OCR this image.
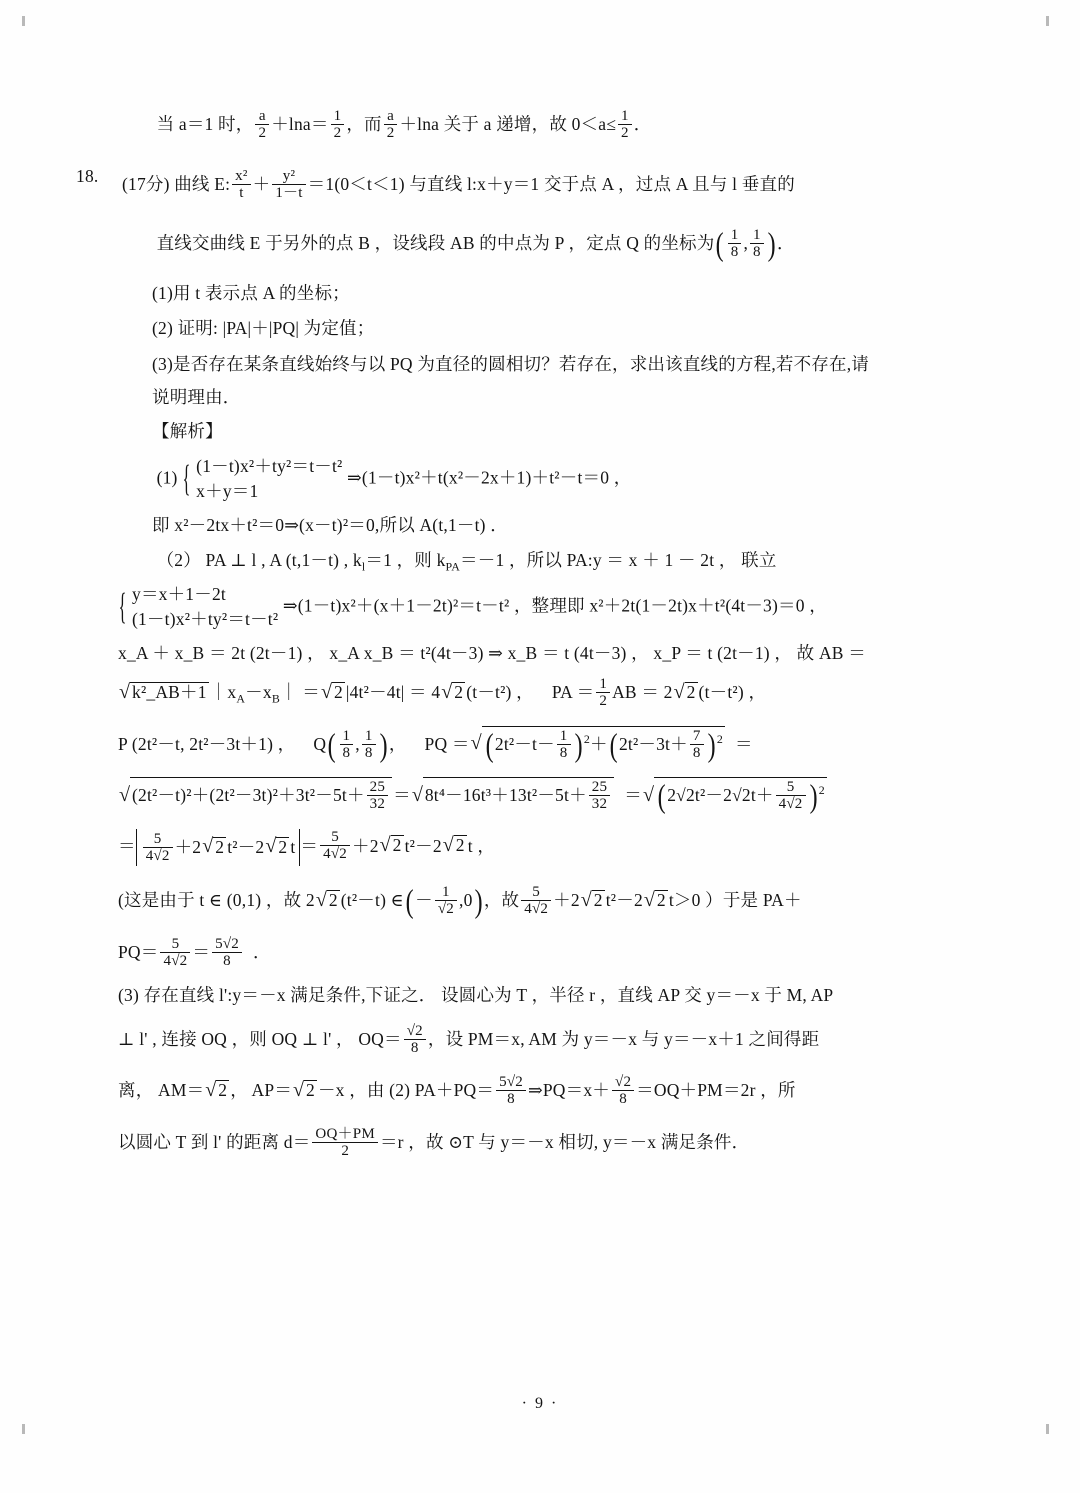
当 a＝1 时， $\frac{a}{2} +\ln a= \frac{1}{2}$ ，而 $\frac{a}{2} +\ln a$ 关于 a 递增，故 $0<a\le \frac{1}{2}$ ．
18.	(17分) 曲线 E: $\frac{\text{x²}}{t} + \frac{\text{y²}}{1-t} =1(0<t<1)$ 与直线 l:x＋y＝1 交于点 A ，过点 A 且与 l 垂直的
直线交曲线 E 于另外的点 B ，设线段 AB 的中点为 P ，定点 Q 的坐标为( $\frac{1}{8}$ , $\frac{1}{8}$ )．
(1)用 t 表示点 A 的坐标；
(2) 证明: |PA|＋|PQ| 为定值；
(3)是否存在某条直线始终与以 PQ 为直径的圆相切？若存在，求出该直线的方程,若不存在,请
说明理由．
【解析】
(1)
{ (1－t)x²＋ty²＝t－t²
x＋y＝1
⇒(1－t)x²＋t(x²－2x＋1)＋t²－t＝0 ，
即 x²－2tx＋t²＝0⇒(x－t)²＝0,所以 A(t,1－t) ．
（2） PA ⊥ l , A (t,1－t) , $k_l=1$ ，则 $k_{PA}=-1$ ，所以 PA:y ＝ x ＋ 1 － 2t ， 联立
{ y＝x＋1－2t
(1－t)x²＋ty²＝t－t²
⇒(1－t)x²＋(x＋1－2t)²＝t－t² ，整理即 x²＋2t(1－2t)x＋t²(4t－3)＝0 ，
x_A ＋ x_B ＝ 2t (2t－1) ， x_A x_B ＝ t²(4t－3) ⇒ x_B ＝ t (4t－3) ， x_P ＝ t (2t－1) ， 故 AB ＝
√ k²_AB＋1 $|x_A-x_B|$ ＝ √ 2 |4t²－4t| ＝ 4 √ 2 (t－t²) ， PA ＝ $\frac{1}{2}$ AB ＝ 2 √ 2 (t－t²) ，
P (2t²－t, 2t²－3t＋1) ， $Q( \frac{1}{8}$ , $\frac{1}{8}$ )， PQ ＝ √ ($2t^2-t- \frac{1}{8}$ ) $^2+(2t^2-3t+ \frac{7}{8}$ ) $^2$ ＝
√ $(2t^2-t)^2+(2t^2-3t)^2+3t^2-5t+ \frac{25}{32}$ ＝ √ $8t^4-16t^3+13t^2-5t+ \frac{25}{32}$ ＝ √ ($2√2t^2-2√2t+ \frac{5}{4√2}$ ) $^2$
＝ $\frac{5}{4√2} +2$ √ 2 t²－2 √ 2 $t = \frac{5}{4√2} +2$ √ 2 t²－2 √ 2 t ，
(这是由于 t ∈ (0,1) ，故 2 √ 2 (t²－t) ∈(－ $\frac{1}{√2} ,0$)，故 $\frac{5}{4√2} +2$ √ 2 t²－2 √ 2 t＞0 ）于是 PA＋
$PQ= \frac{5}{4√2} = \frac{5√2}{8}$ ．
(3) 存在直线 l':y＝－x 满足条件,下证之． 设圆心为 T ，半径 r ，直线 AP 交 y＝－x 于 M, AP
⊥ l' , 连接 OQ ，则 OQ ⊥ l' ， $OQ= \frac{√2}{8}$ ，设 PM＝x, AM 为 y＝－x 与 y＝－x＋1 之间得距
离， AM＝ √ 2 ， AP＝ √ 2 －x ，由 (2) $PA+PQ= \frac{5√2}{8}$ ⇒PQ＝x＋ $\frac{√2}{8} =OQ+PM=2r$ ，所
以圆心 T 到 l' 的距离 $d= \frac{OQ+PM}{2} =r$ ，故 ⊙T 与 y＝－x 相切, y＝－x 满足条件．
· 9 ·
